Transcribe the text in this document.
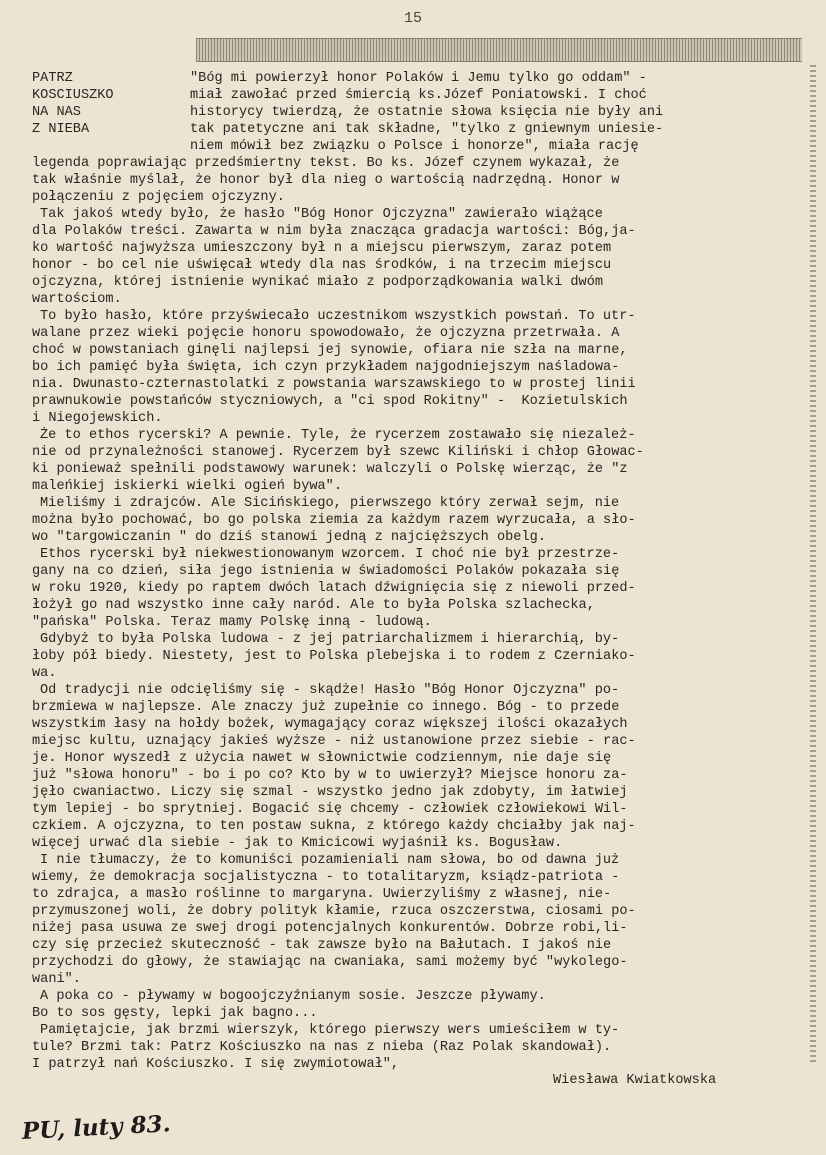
15
PATRZ
KOSCIUSZKO
NA NAS
Z NIEBA
"Bóg mi powierzył honor Polaków i Jemu tylko go oddam" -
miał zawołać przed śmiercią ks.Józef Poniatowski. I choć
historycy twierdzą, że ostatnie słowa księcia nie były ani
tak patetyczne ani tak składne, "tylko z gniewnym uniesie-
niem mówił bez związku o Polsce i honorze", miała rację
legenda poprawiając przedśmiertny tekst. Bo ks. Józef czynem wykazał, że
tak właśnie myślał, że honor był dla nieg o wartością nadrzędną. Honor w
połączeniu z pojęciem ojczyzny.
Tak jakoś wtedy było, że hasło "Bóg Honor Ojczyzna" zawierało wiążące
dla Polaków treści. Zawarta w nim była znacząca gradacja wartości: Bóg,ja-
ko wartość najwyższa umieszczony był n a miejscu pierwszym, zaraz potem
honor - bo cel nie uświęcał wtedy dla nas środków, i na trzecim miejscu
ojczyzna, której istnienie wynikać miało z podporządkowania walki dwóm
wartościom.
To było hasło, które przyświecało uczestnikom wszystkich powstań. To utr-
walane przez wieki pojęcie honoru spowodowało, że ojczyzna przetrwała. A
choć w powstaniach ginęli najlepsi jej synowie, ofiara nie szła na marne,
bo ich pamięć była święta, ich czyn przykładem najgodniejszym naśladowa-
nia. Dwunasto-czternastolatki z powstania warszawskiego to w prostej linii
prawnukowie powstańców styczniowych, a "ci spod Rokitny" -  Kozietulskich
i Niegojewskich.
Że to ethos rycerski? A pewnie. Tyle, że rycerzem zostawało się niezależ-
nie od przynależności stanowej. Rycerzem był szewc Kiliński i chłop Głowac-
ki ponieważ spełnili podstawowy warunek: walczyli o Polskę wierząc, że "z
maleńkiej iskierki wielki ogień bywa".
Mieliśmy i zdrajców. Ale Sicińskiego, pierwszego który zerwał sejm, nie
można było pochować, bo go polska ziemia za każdym razem wyrzucała, a sło-
wo "targowiczanin " do dziś stanowi jedną z najcięższych obelg.
Ethos rycerski był niekwestionowanym wzorcem. I choć nie był przestrze-
gany na co dzień, siła jego istnienia w świadomości Polaków pokazała się
w roku 1920, kiedy po raptem dwóch latach dźwignięcia się z niewoli przed-
łożył go nad wszystko inne cały naród. Ale to była Polska szlachecka,
"pańska" Polska. Teraz mamy Polskę inną - ludową.
Gdybyż to była Polska ludowa - z jej patriarchalizmem i hierarchią, by-
łoby pół biedy. Niestety, jest to Polska plebejska i to rodem z Czerniako-
wa.
Od tradycji nie odcięliśmy się - skądże! Hasło "Bóg Honor Ojczyzna" po-
brzmiewa w najlepsze. Ale znaczy już zupełnie co innego. Bóg - to przede
wszystkim łasy na hołdy bożek, wymagający coraz większej ilości okazałych
miejsc kultu, uznający jakieś wyższe - niż ustanowione przez siebie - rac-
je. Honor wyszedł z użycia nawet w słownictwie codziennym, nie daje się
już "słowa honoru" - bo i po co? Kto by w to uwierzył? Miejsce honoru za-
jęło cwaniactwo. Liczy się szmal - wszystko jedno jak zdobyty, im łatwiej
tym lepiej - bo sprytniej. Bogacić się chcemy - człowiek człowiekowi Wil-
czkiem. A ojczyzna, to ten postaw sukna, z którego każdy chciałby jak naj-
więcej urwać dla siebie - jak to Kmicicowi wyjaśnił ks. Bogusław.
I nie tłumaczy, że to komuniści pozamieniali nam słowa, bo od dawna już
wiemy, że demokracja socjalistyczna - to totalitaryzm, ksiądz-patriota -
to zdrajca, a masło roślinne to margaryna. Uwierzyliśmy z własnej, nie-
przymuszonej woli, że dobry polityk kłamie, rzuca oszczerstwa, ciosami po-
niżej pasa usuwa ze swej drogi potencjalnych konkurentów. Dobrze robi,li-
czy się przecież skuteczność - tak zawsze było na Bałutach. I jakoś nie
przychodzi do głowy, że stawiając na cwaniaka, sami możemy być "wykolego-
wani".
A poka co - pływamy w bogoojczyźnianym sosie. Jeszcze pływamy.
Bo to sos gęsty, lepki jak bagno...
Pamiętajcie, jak brzmi wierszyk, którego pierwszy wers umieściłem w ty-
tule? Brzmi tak: Patrz Kościuszko na nas z nieba (Raz Polak skandował).
I patrzył nań Kościuszko. I się zwymiotował",
Wiesława Kwiatkowska
PU, luty 83.
